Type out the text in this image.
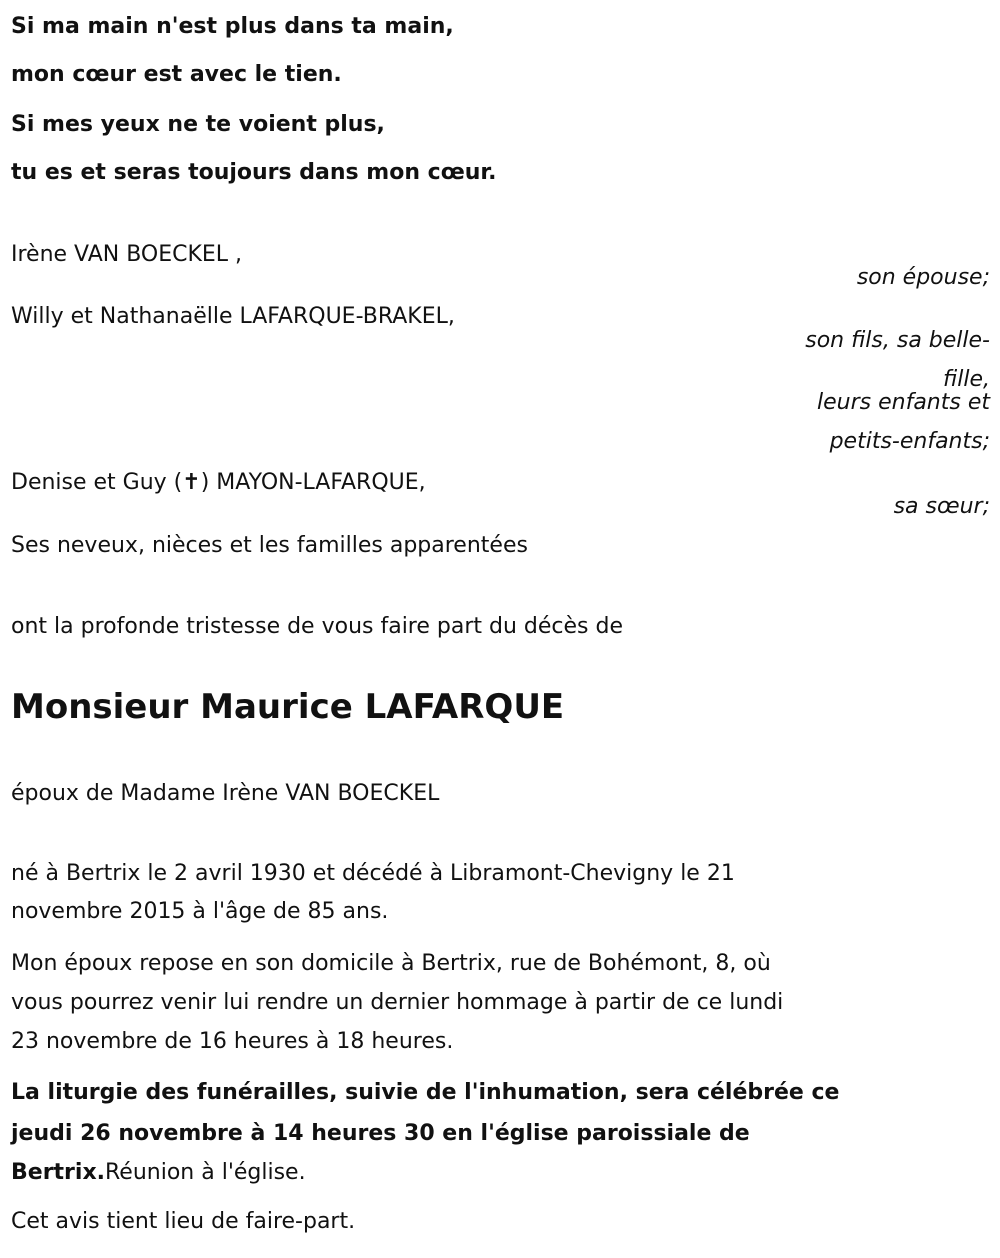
Si ma main n'est plus dans ta main,
mon cœur est avec le tien.
Si mes yeux ne te voient plus,
tu es et seras toujours dans mon cœur.
Irène VAN BOECKEL ,
son épouse;
Willy et Nathanaëlle LAFARQUE-BRAKEL,
son fils, sa belle-
fille,
leurs enfants et
petits-enfants;
Denise et Guy (✝) MAYON-LAFARQUE,
sa sœur;
Ses neveux, nièces et les familles apparentées
ont la profonde tristesse de vous faire part du décès de
Monsieur Maurice LAFARQUE
époux de Madame Irène VAN BOECKEL
né à Bertrix le 2 avril 1930 et décédé à Libramont-Chevigny le 21
novembre 2015 à l'âge de 85 ans.
Mon époux repose en son domicile à Bertrix, rue de Bohémont, 8, où
vous pourrez venir lui rendre un dernier hommage à partir de ce lundi
23 novembre de 16 heures à 18 heures.
La liturgie des funérailles, suivie de l'inhumation, sera célébrée ce
jeudi 26 novembre à 14 heures 30 en l'église paroissiale de
Bertrix.Réunion à l'église.
Cet avis tient lieu de faire-part.
